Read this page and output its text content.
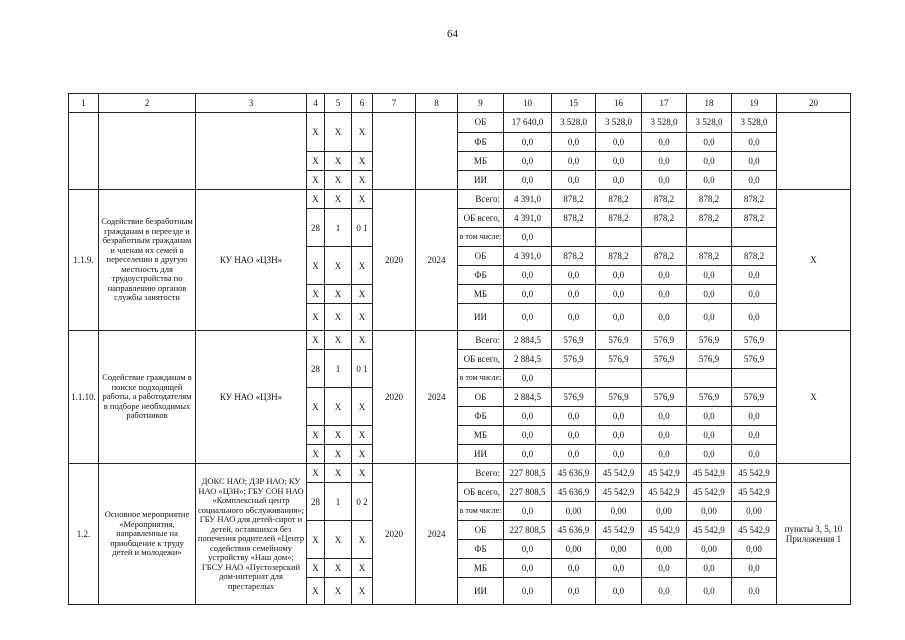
64
1	2	3	4	5	6	7	8	9	10	15	16	17	18	19	20
			X	X	X			ОБ	17 640,0	3 528,0	3 528,0	3 528,0	3 528,0	3 528,0	
								ФБ	0,0	0,0	0,0	0,0	0,0	0,0	
			X	X	X			МБ	0,0	0,0	0,0	0,0	0,0	0,0	
			X	X	X			ИИ	0,0	0,0	0,0	0,0	0,0	0,0	
1.1.9.	Содействие безработным гражданам в переезде и безработным гражданам и членам их семей в переселении в другую местность для трудоустройства по направлению органов службы занятости	КУ НАО «ЦЗН»	X	X	X	2020	2024	Всего:	4 391,0	878,2	878,2	878,2	878,2	878,2	X
			28	1	0 1			ОБ всего,	4 391,0	878,2	878,2	878,2	878,2	878,2	
								в том числе:	0,0						
			X	X	X			ОБ	4 391,0	878,2	878,2	878,2	878,2	878,2	
								ФБ	0,0	0,0	0,0	0,0	0,0	0,0	
			X	X	X			МБ	0,0	0,0	0,0	0,0	0,0	0,0	
			X	X	X			ИИ	0,0	0,0	0,0	0,0	0,0	0,0	
1.1.10.	Содействие гражданам в поиске подходящей работы, а работодателям в подборе необходимых работников	КУ НАО «ЦЗН»	X	X	X	2020	2024	Всего:	2 884,5	576,9	576,9	576,9	576,9	576,9	X
			28	1	0 1			ОБ всего,	2 884,5	576,9	576,9	576,9	576,9	576,9	
								в том числе:	0,0						
			X	X	X			ОБ	2 884,5	576,9	576,9	576,9	576,9	576,9	
								ФБ	0,0	0,0	0,0	0,0	0,0	0,0	
			X	X	X			МБ	0,0	0,0	0,0	0,0	0,0	0,0	
			X	X	X			ИИ	0,0	0,0	0,0	0,0	0,0	0,0	
1.2.	Основное мероприятие «Мероприятия, направленные на приобщение к труду детей и молодежи»	ДОКС НАО; ДЗР НАО; КУ НАО «ЦЗН»; ГБУ СОН НАО «Комплексный центр социального обслуживания»; ГБУ НАО для детей-сирот и детей, оставшихся без попечения родителей «Центр содействия семейному устройству «Наш дом»; ГБСУ НАО «Пустозерский дом-интернат для престарелых	X	X	X	2020	2024	Всего:	227 808,5	45 636,9	45 542,9	45 542,9	45 542,9	45 542,9	пункты 3, 5, 10 Приложения 1
			28	1	0 2			ОБ всего,	227 808,5	45 636,9	45 542,9	45 542,9	45 542,9	45 542,9	
								в том числе:	0,0	0,00	0,00	0,00	0,00	0,00	
			X	X	X			ОБ	227 808,5	45 636,9	45 542,9	45 542,9	45 542,9	45 542,9	
								ФБ	0,0	0,00	0,00	0,00	0,00	0,00	
			X	X	X			МБ	0,0	0,0	0,0	0,0	0,0	0,0	
			X	X	X			ИИ	0,0	0,0	0,0	0,0	0,0	0,0	
